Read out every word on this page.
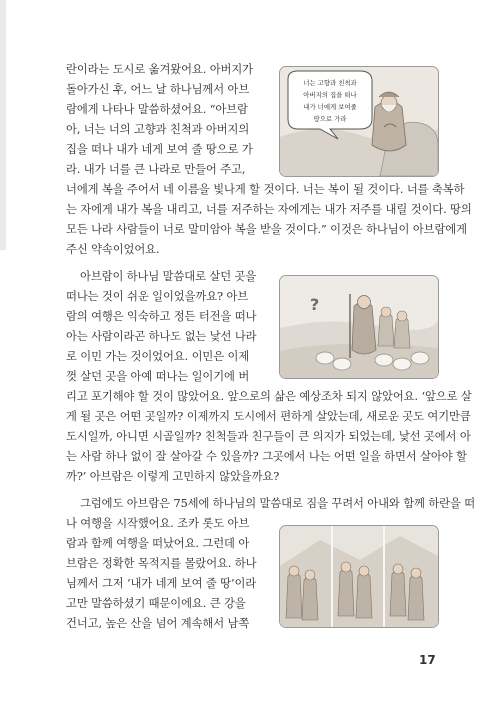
란이라는 도시로 옮겨왔어요. 아버지가
돌아가신 후, 어느 날 하나님께서 아브
람에게 나타나 말씀하셨어요. “아브람
아, 너는 너의 고향과 친척과 아버지의
집을 떠나 내가 네게 보여 줄 땅으로 가
라. 내가 너를 큰 나라로 만들어 주고,
너에게 복을 주어서 네 이름을 빛나게 할 것이다. 너는 복이 될 것이다. 너를 축복하
는 자에게 내가 복을 내리고, 너를 저주하는 자에게는 내가 저주를 내릴 것이다. 땅의
모든 나라 사람들이 너로 말미암아 복을 받을 것이다.” 이것은 하나님이 아브람에게
주신 약속이었어요.
아브람이 하나님 말씀대로 살던 곳을
떠나는 것이 쉬운 일이었을까요? 아브
람의 여행은 익숙하고 정든 터전을 떠나
아는 사람이라곤 하나도 없는 낯선 나라
로 이민 가는 것이었어요. 이민은 이제
껏 살던 곳을 아예 떠나는 일이기에 버
리고 포기해야 할 것이 많았어요. 앞으로의 삶은 예상조차 되지 않았어요. ‘앞으로 살
게 될 곳은 어떤 곳일까? 이제까지 도시에서 편하게 살았는데, 새로운 곳도 여기만큼
도시일까, 아니면 시골일까? 친척들과 친구들이 큰 의지가 되었는데, 낯선 곳에서 아
는 사람 하나 없이 잘 살아갈 수 있을까? 그곳에서 나는 어떤 일을 하면서 살아야 할
까?’ 아브람은 이렇게 고민하지 않았을까요?
그럼에도 아브람은 75세에 하나님의 말씀대로 짐을 꾸려서 아내와 함께 하란을 떠
나 여행을 시작했어요. 조카 롯도 아브
람과 함께 여행을 떠났어요. 그런데 아
브람은 정확한 목적지를 몰랐어요. 하나
님께서 그저 ‘내가 네게 보여 줄 땅’이라
고만 말씀하셨기 때문이에요. 큰 강을
건너고, 높은 산을 넘어 계속해서 남쪽
17
너는 고향과 친척과
아버지의 집을 떠나
내가 너에게 보여줄
땅으로 가라
?
